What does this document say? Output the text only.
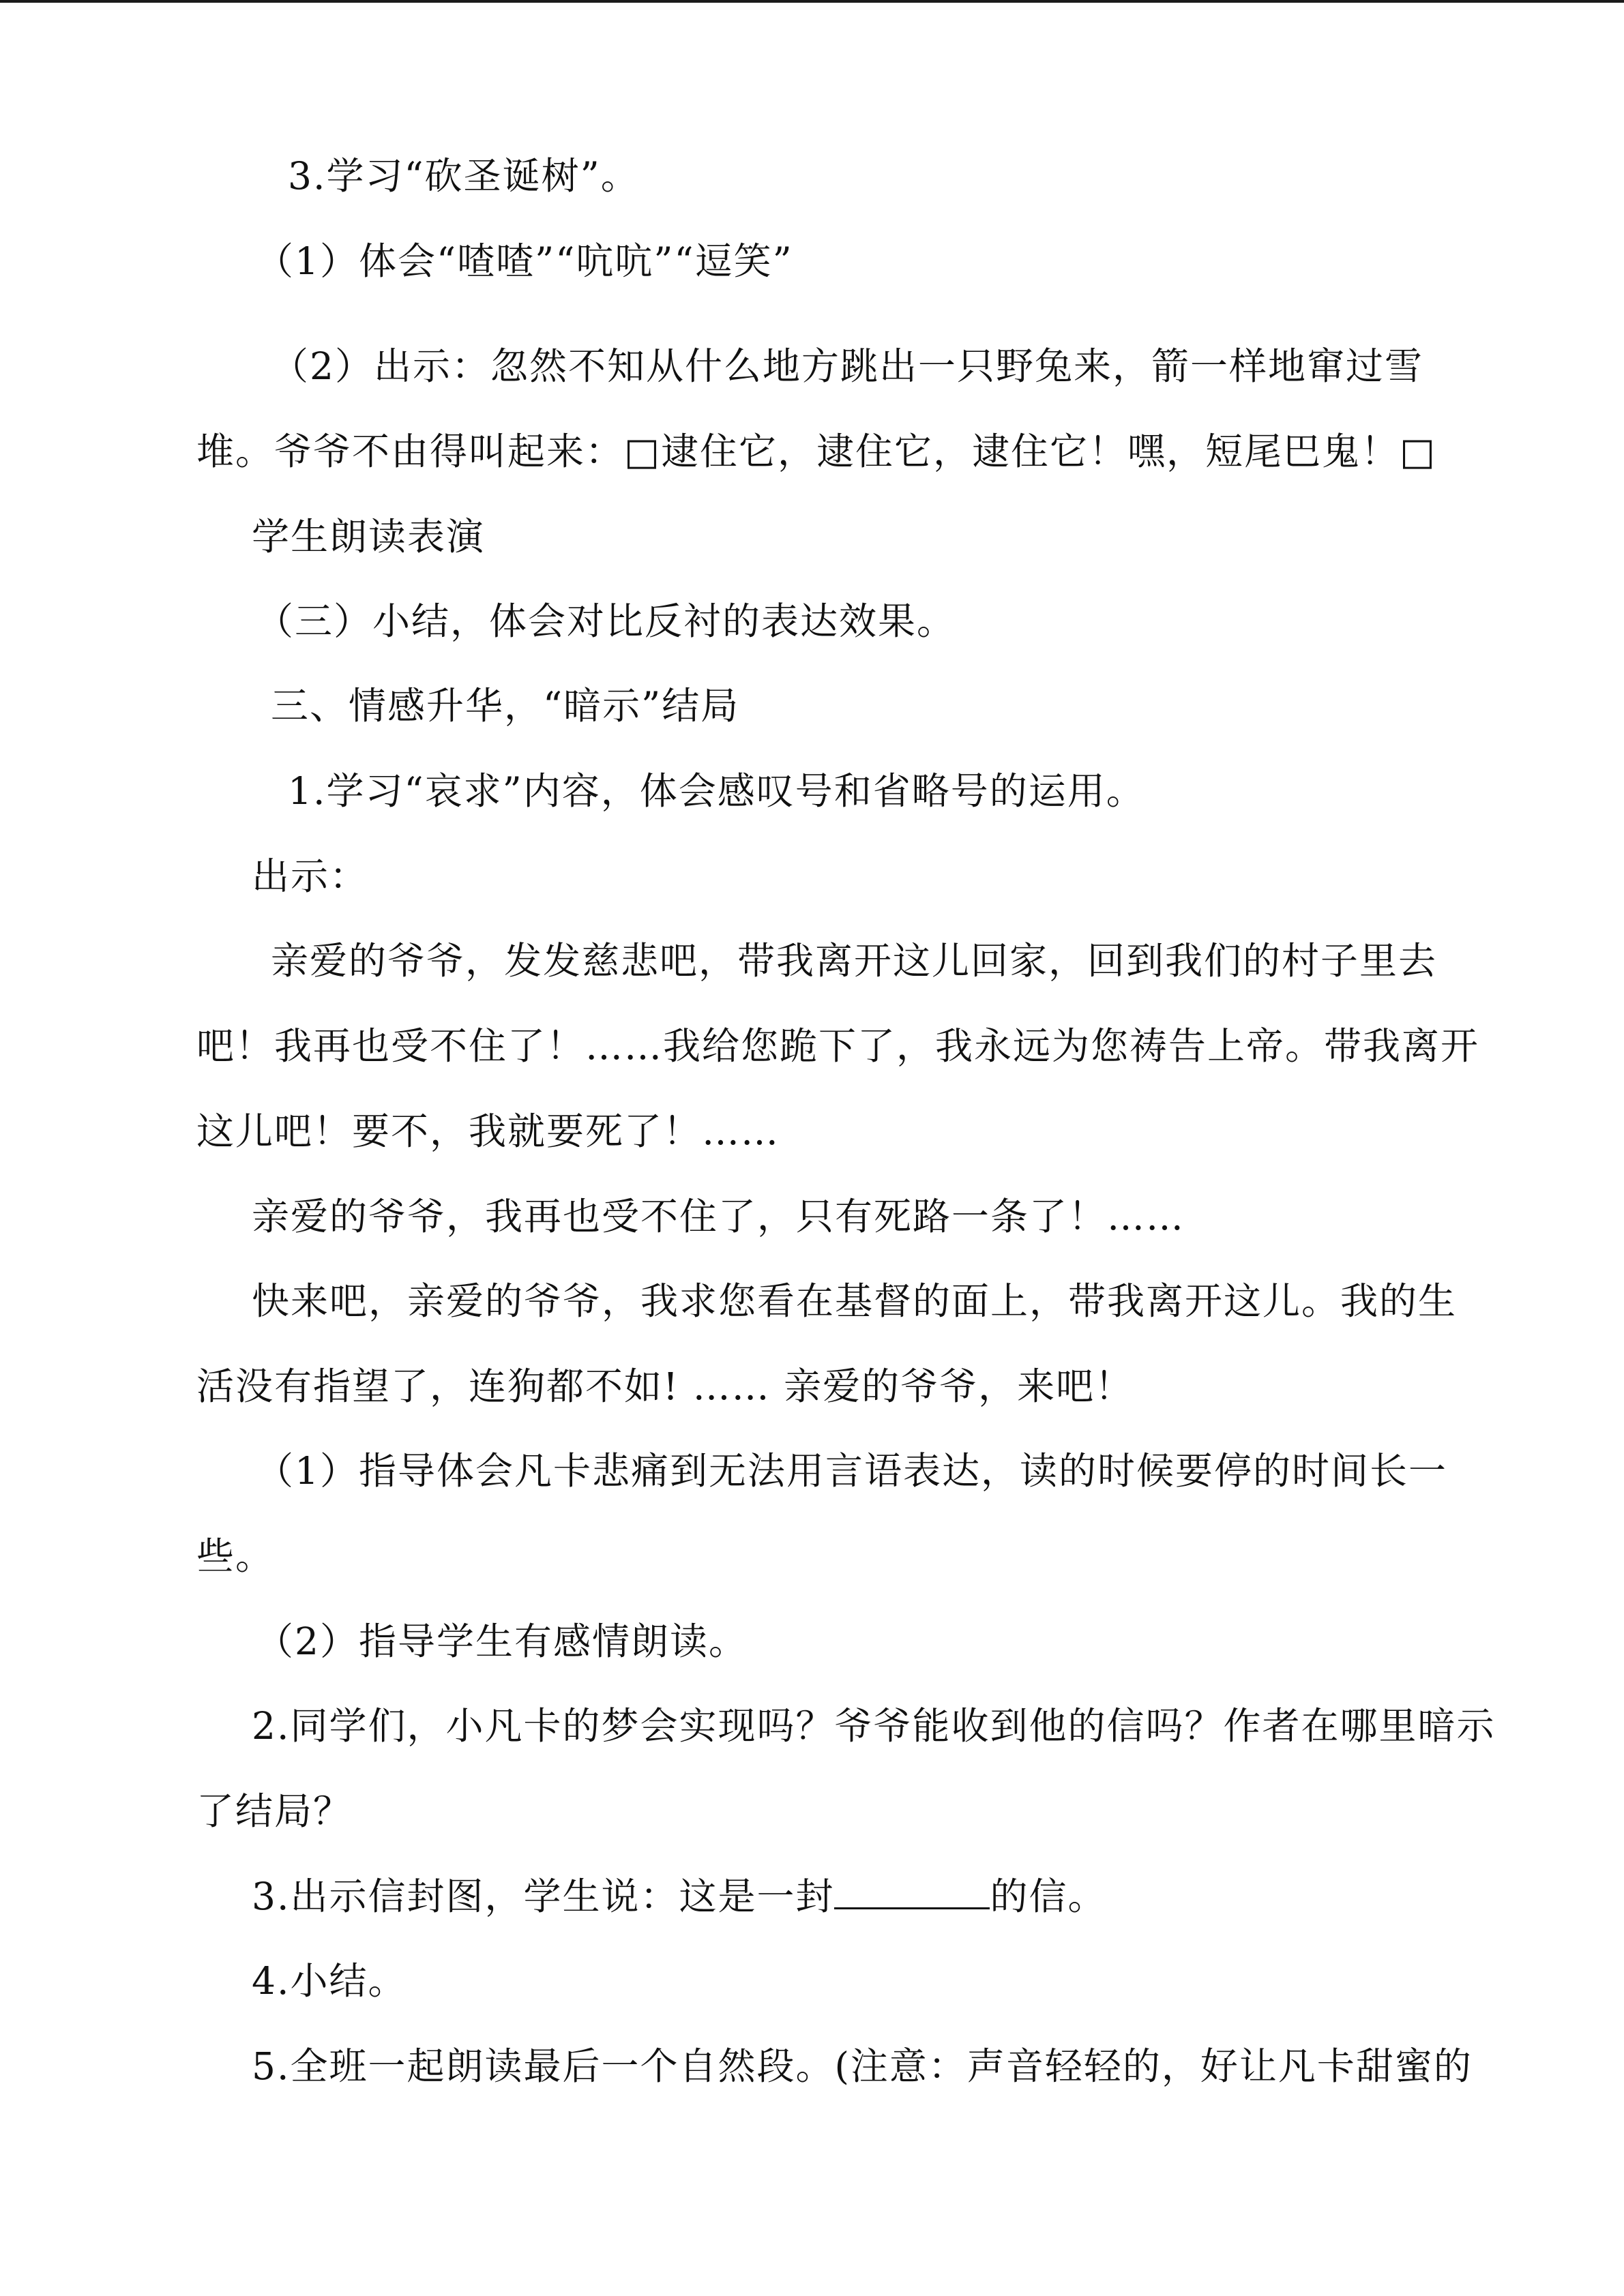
3.学习“砍圣诞树”。
（1）体会“喳喳”“吭吭”“逗笑”
（2）出示：忽然不知从什么地方跳出一只野兔来，箭一样地窜过雪
堆。爷爷不由得叫起来：□逮住它，逮住它，逮住它！嘿，短尾巴鬼！□
学生朗读表演
（三）小结，体会对比反衬的表达效果。
三、情感升华，“暗示”结局
1.学习“哀求”内容，体会感叹号和省略号的运用。
出示：
亲爱的爷爷，发发慈悲吧，带我离开这儿回家，回到我们的村子里去
吧！我再也受不住了！……我给您跪下了，我永远为您祷告上帝。带我离开
这儿吧！要不，我就要死了！……
亲爱的爷爷，我再也受不住了，只有死路一条了！……
快来吧，亲爱的爷爷，我求您看在基督的面上，带我离开这儿。我的生
活没有指望了，连狗都不如! …… 亲爱的爷爷，来吧！
（1）指导体会凡卡悲痛到无法用言语表达，读的时候要停的时间长一
些。
（2）指导学生有感情朗读。
2.同学们，小凡卡的梦会实现吗？爷爷能收到他的信吗？作者在哪里暗示
了结局？
3.出示信封图，学生说：这是一封	的信。
4.小结。
5.全班一起朗读最后一个自然段。(注意：声音轻轻的，好让凡卡甜蜜的
